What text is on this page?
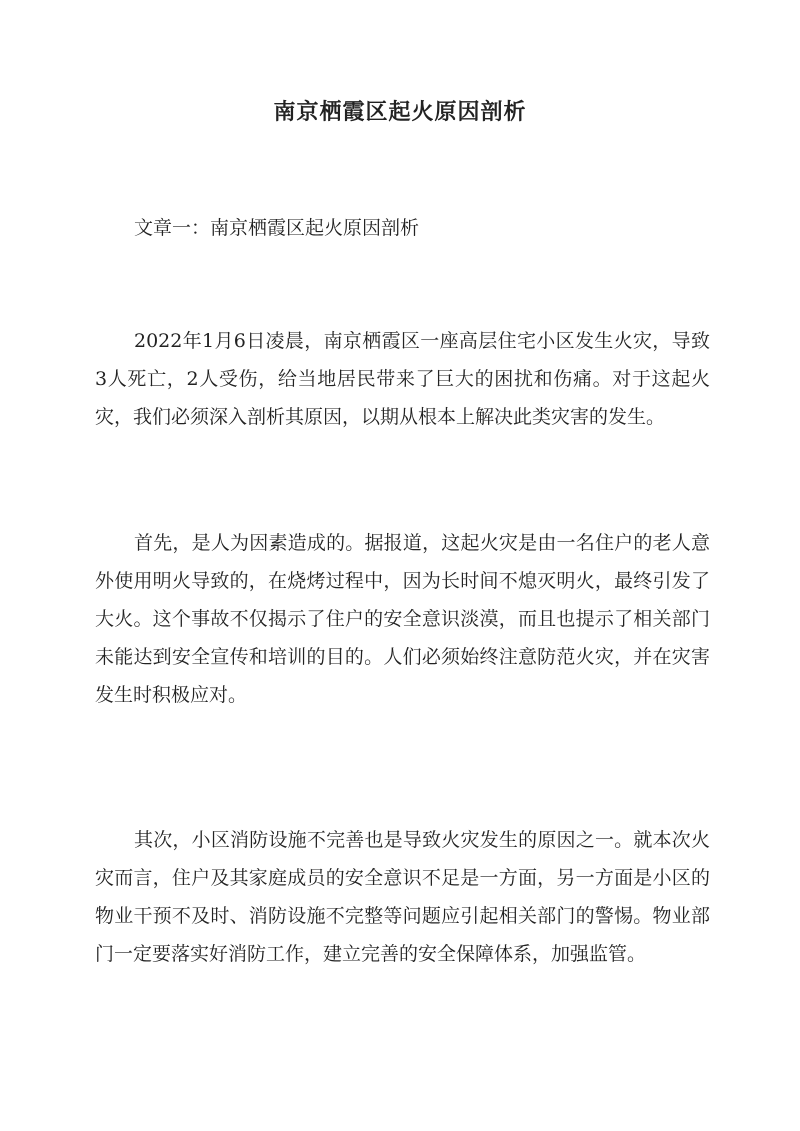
南京栖霞区起火原因剖析

文章一：南京栖霞区起火原因剖析

2022年1月6日凌晨，南京栖霞区一座高层住宅小区发生火灾，导致3人死亡，2人受伤，给当地居民带来了巨大的困扰和伤痛。对于这起火灾，我们必须深入剖析其原因，以期从根本上解决此类灾害的发生。

首先，是人为因素造成的。据报道，这起火灾是由一名住户的老人意外使用明火导致的，在烧烤过程中，因为长时间不熄灭明火，最终引发了大火。这个事故不仅揭示了住户的安全意识淡漠，而且也提示了相关部门未能达到安全宣传和培训的目的。人们必须始终注意防范火灾，并在灾害发生时积极应对。

其次，小区消防设施不完善也是导致火灾发生的原因之一。就本次火灾而言，住户及其家庭成员的安全意识不足是一方面，另一方面是小区的物业干预不及时、消防设施不完整等问题应引起相关部门的警惕。物业部门一定要落实好消防工作，建立完善的安全保障体系，加强监管。
